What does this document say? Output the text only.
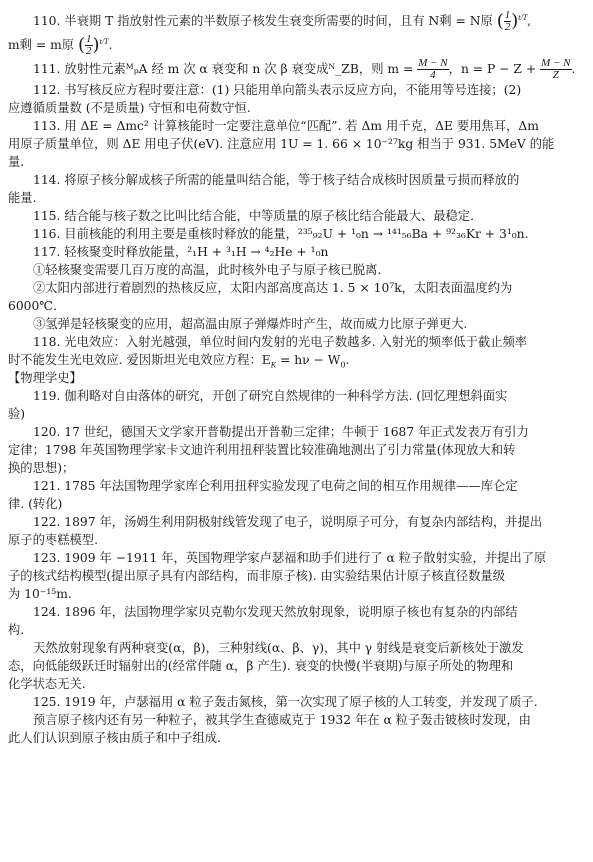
110. 半衰期 T 指放射性元素的半数原子核发生衰变所需要的时间，且有 N剩 = N原 ( $\frac{1}{2} )^{t/T}$,
m剩 = m原 ( $\frac{1}{2} )^{t/T}$.
111. 放射性元素ᴹₚA 经 m 次 α 衰变和 n 次 β 衰变成ᴺ_ZB，则 $m = \frac{M - N}{4}$ ，$n = P - Z + \frac{M - N}{Z}$ .
112. 书写核反应方程时要注意：(1) 只能用单向箭头表示反应方向，不能用等号连接；(2)
应遵循质量数 (不是质量) 守恒和电荷数守恒.
113. 用 ΔE = Δmc² 计算核能时一定要注意单位“匹配”. 若 Δm 用千克，ΔE 要用焦耳，Δm
用原子质量单位，则 ΔE 用电子伏(eV). 注意应用 1U = 1. 66 × 10⁻²⁷kg 相当于 931. 5MeV 的能
量.
114. 将原子核分解成核子所需的能量叫结合能，等于核子结合成核时因质量亏损而释放的
能量.
115. 结合能与核子数之比叫比结合能，中等质量的原子核比结合能最大、最稳定.
116. 目前核能的利用主要是重核时释放的能量，²³⁵₉₂U + ¹₀n → ¹⁴¹₅₆Ba + ⁹²₃₆Kr + 3¹₀n.
117. 轻核聚变时释放能量，²₁H + ³₁H → ⁴₂He + ¹₀n
①轻核聚变需要几百万度的高温，此时核外电子与原子核已脱离.
②太阳内部进行着剧烈的热核反应，太阳内部高度高达 1. 5 × 10⁷k，太阳表面温度约为
6000℃.
③氢弹是轻核聚变的应用，超高温由原子弹爆炸时产生，故而威力比原子弹更大.
118. 光电效应：入射光越强，单位时间内发射的光电子数越多. 入射光的频率低于截止频率
时不能发生光电效应. 爱因斯坦光电效应方程：$E_K = h\nu - W_0$.
【物理学史】
119. 伽利略对自由落体的研究，开创了研究自然规律的一种科学方法. (回忆理想斜面实
验)
120. 17 世纪，德国天文学家开普勒提出开普勒三定律；牛顿于 1687 年正式发表万有引力
定律；1798 年英国物理学家卡文迪许利用扭秤装置比较准确地测出了引力常量(体现放大和转
换的思想)；
121. 1785 年法国物理学家库仑利用扭秤实验发现了电荷之间的相互作用规律——库仑定
律. (转化)
122. 1897 年，汤姆生利用阴极射线管发现了电子，说明原子可分，有复杂内部结构，并提出
原子的枣糕模型.
123. 1909 年 −1911 年，英国物理学家卢瑟福和助手们进行了 α 粒子散射实验，并提出了原
子的核式结构模型(提出原子具有内部结构，而非原子核). 由实验结果估计原子核直径数量级
为 10⁻¹⁵m.
124. 1896 年，法国物理学家贝克勒尔发现天然放射现象，说明原子核也有复杂的内部结
构.
天然放射现象有两种衰变(α，β)，三种射线(α、β、γ)，其中 γ 射线是衰变后新核处于激发
态，向低能级跃迁时辐射出的(经常伴随 α，β 产生). 衰变的快慢(半衰期)与原子所处的物理和
化学状态无关.
125. 1919 年，卢瑟福用 α 粒子轰击氮核，第一次实现了原子核的人工转变，并发现了质子.
预言原子核内还有另一种粒子，被其学生查德威克于 1932 年在 α 粒子轰击铍核时发现，由
此人们认识到原子核由质子和中子组成.
